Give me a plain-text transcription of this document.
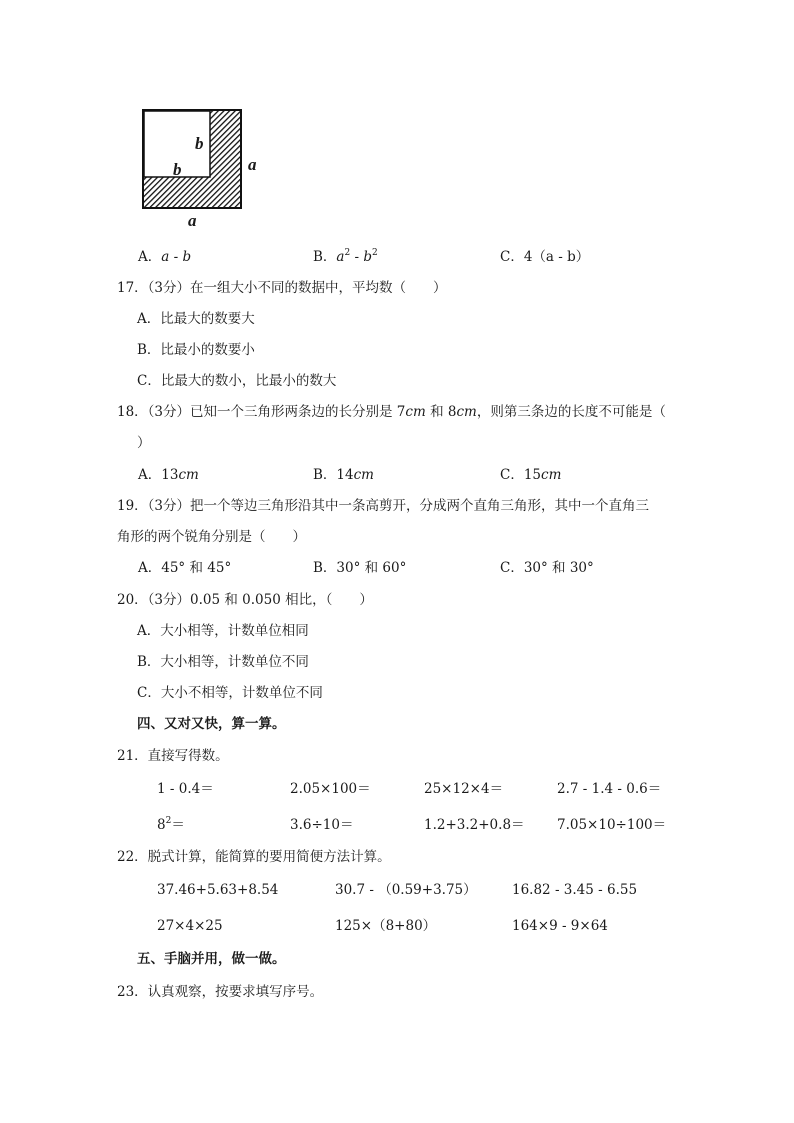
b
b	a
a
A．a - b	B．$a^2 - b^2$	C．4（a - b）
17．（3分）在一组大小不同的数据中，平均数（　　）
A．比最大的数要大
B．比最小的数要小
C．比最大的数小，比最小的数大
18．（3分）已知一个三角形两条边的长分别是 7cm 和 8cm，则第三条边的长度不可能是（
）
A．13cm	B．14cm	C．15cm
19．（3分）把一个等边三角形沿其中一条高剪开，分成两个直角三角形，其中一个直角三
角形的两个锐角分别是（　　）
A．45° 和 45°	B．30° 和 60°	C．30° 和 30°
20．（3分）0.05 和 0.050 相比，（　　）
A．大小相等，计数单位相同
B．大小相等，计数单位不同
C．大小不相等，计数单位不同
四、又对又快，算一算。
21．直接写得数。
1 - 0.4＝	2.05×100＝	25×12×4＝	2.7 - 1.4 - 0.6＝
$8^2=$	3.6÷10＝	1.2+3.2+0.8＝ 7.05×10÷100＝
22．脱式计算，能简算的要用简便方法计算。
37.46+5.63+8.54	30.7 - （0.59+3.75）	16.82 - 3.45 - 6.55
27×4×25	125×（8+80）	164×9 - 9×64
五、手脑并用，做一做。
23．认真观察，按要求填写序号。
